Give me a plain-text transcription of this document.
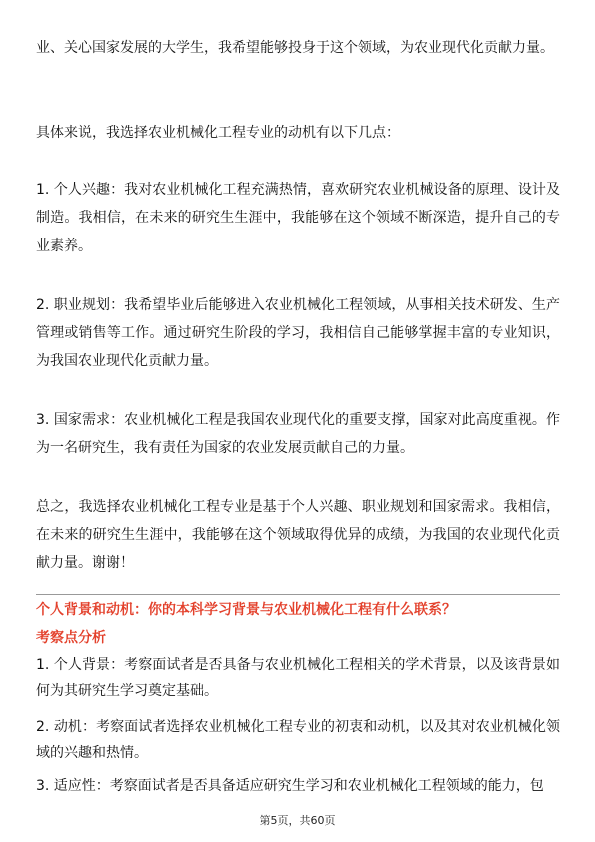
业、关心国家发展的大学生，我希望能够投身于这个领域，为农业现代化贡献力量。

具体来说，我选择农业机械化工程专业的动机有以下几点：

1. 个人兴趣：我对农业机械化工程充满热情，喜欢研究农业机械设备的原理、设计及制造。我相信，在未来的研究生生涯中，我能够在这个领域不断深造，提升自己的专业素养。

2. 职业规划：我希望毕业后能够进入农业机械化工程领域，从事相关技术研发、生产管理或销售等工作。通过研究生阶段的学习，我相信自己能够掌握丰富的专业知识，为我国农业现代化贡献力量。

3. 国家需求：农业机械化工程是我国农业现代化的重要支撑，国家对此高度重视。作为一名研究生，我有责任为国家的农业发展贡献自己的力量。

总之，我选择农业机械化工程专业是基于个人兴趣、职业规划和国家需求。我相信，在未来的研究生生涯中，我能够在这个领域取得优异的成绩，为我国的农业现代化贡献力量。谢谢！

个人背景和动机：你的本科学习背景与农业机械化工程有什么联系？

考察点分析

1. 个人背景：考察面试者是否具备与农业机械化工程相关的学术背景，以及该背景如何为其研究生学习奠定基础。

2. 动机：考察面试者选择农业机械化工程专业的初衷和动机，以及其对农业机械化领域的兴趣和热情。

3. 适应性：考察面试者是否具备适应研究生学习和农业机械化工程领域的能力，包

第5页，共60页
